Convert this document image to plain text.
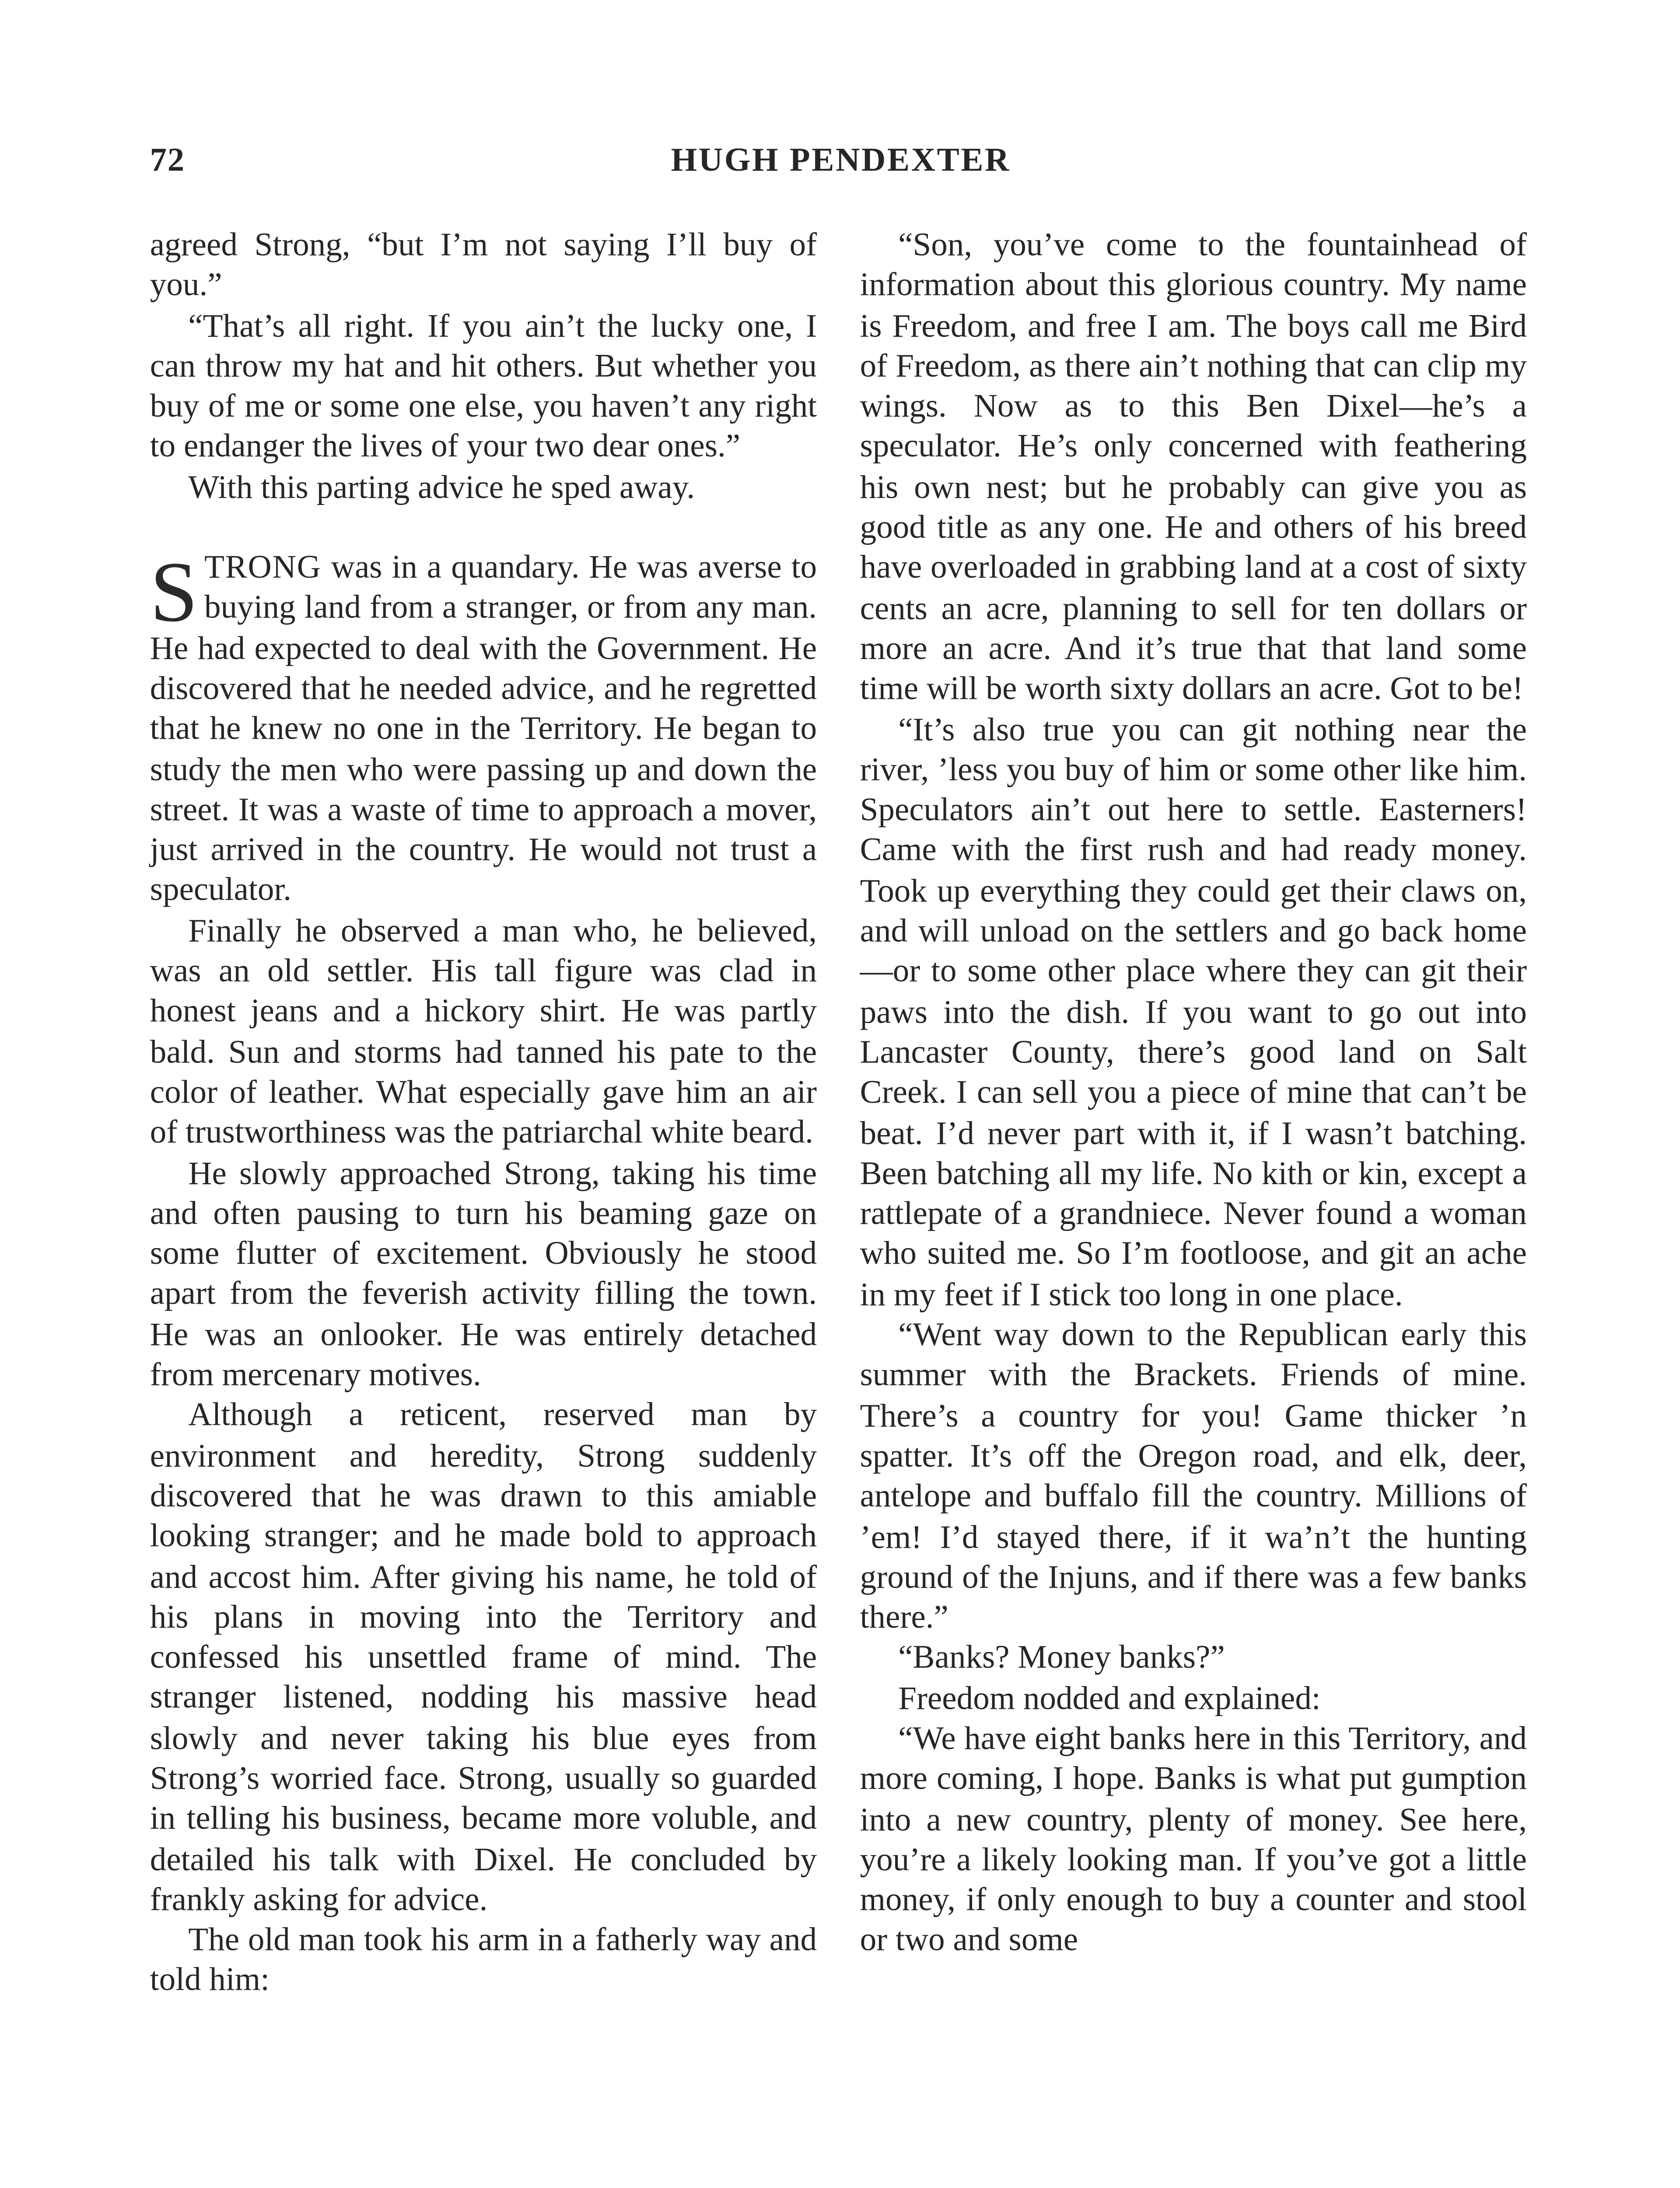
72	HUGH PENDEXTER

agreed Strong, “but I’m not saying I’ll buy of you.”

“That’s all right. If you ain’t the lucky one, I can throw my hat and hit others. But whether you buy of me or some one else, you haven’t any right to endanger the lives of your two dear ones.”

With this parting advice he sped away.

STRONG was in a quandary. He was averse to buying land from a stranger, or from any man. He had expected to deal with the Government. He discovered that he needed advice, and he regretted that he knew no one in the Territory. He began to study the men who were passing up and down the street. It was a waste of time to approach a mover, just arrived in the country. He would not trust a speculator.

Finally he observed a man who, he believed, was an old settler. His tall figure was clad in honest jeans and a hickory shirt. He was partly bald. Sun and storms had tanned his pate to the color of leather. What especially gave him an air of trustworthiness was the patriarchal white beard.

He slowly approached Strong, taking his time and often pausing to turn his beaming gaze on some flutter of excitement. Obviously he stood apart from the feverish activity filling the town. He was an onlooker. He was entirely detached from mercenary motives.

Although a reticent, reserved man by environment and heredity, Strong suddenly discovered that he was drawn to this amiable looking stranger; and he made bold to approach and accost him. After giving his name, he told of his plans in moving into the Territory and confessed his unsettled frame of mind. The stranger listened, nodding his massive head slowly and never taking his blue eyes from Strong’s worried face. Strong, usually so guarded in telling his business, became more voluble, and detailed his talk with Dixel. He concluded by frankly asking for advice.

The old man took his arm in a fatherly way and told him:

“Son, you’ve come to the fountainhead of information about this glorious country. My name is Freedom, and free I am. The boys call me Bird of Freedom, as there ain’t nothing that can clip my wings. Now as to this Ben Dixel—he’s a speculator. He’s only concerned with feathering his own nest; but he probably can give you as good title as any one. He and others of his breed have overloaded in grabbing land at a cost of sixty cents an acre, planning to sell for ten dollars or more an acre. And it’s true that that land some time will be worth sixty dollars an acre. Got to be!

“It’s also true you can git nothing near the river, ’less you buy of him or some other like him. Speculators ain’t out here to settle. Easterners! Came with the first rush and had ready money. Took up everything they could get their claws on, and will unload on the settlers and go back home—or to some other place where they can git their paws into the dish. If you want to go out into Lancaster County, there’s good land on Salt Creek. I can sell you a piece of mine that can’t be beat. I’d never part with it, if I wasn’t batching. Been batching all my life. No kith or kin, except a rattlepate of a grandniece. Never found a woman who suited me. So I’m footloose, and git an ache in my feet if I stick too long in one place.

“Went way down to the Republican early this summer with the Brackets. Friends of mine. There’s a country for you! Game thicker ’n spatter. It’s off the Oregon road, and elk, deer, antelope and buffalo fill the country. Millions of ’em! I’d stayed there, if it wa’n’t the hunting ground of the Injuns, and if there was a few banks there.”

“Banks? Money banks?”

Freedom nodded and explained:

“We have eight banks here in this Territory, and more coming, I hope. Banks is what put gumption into a new country, plenty of money. See here, you’re a likely looking man. If you’ve got a little money, if only enough to buy a counter and stool or two and some
